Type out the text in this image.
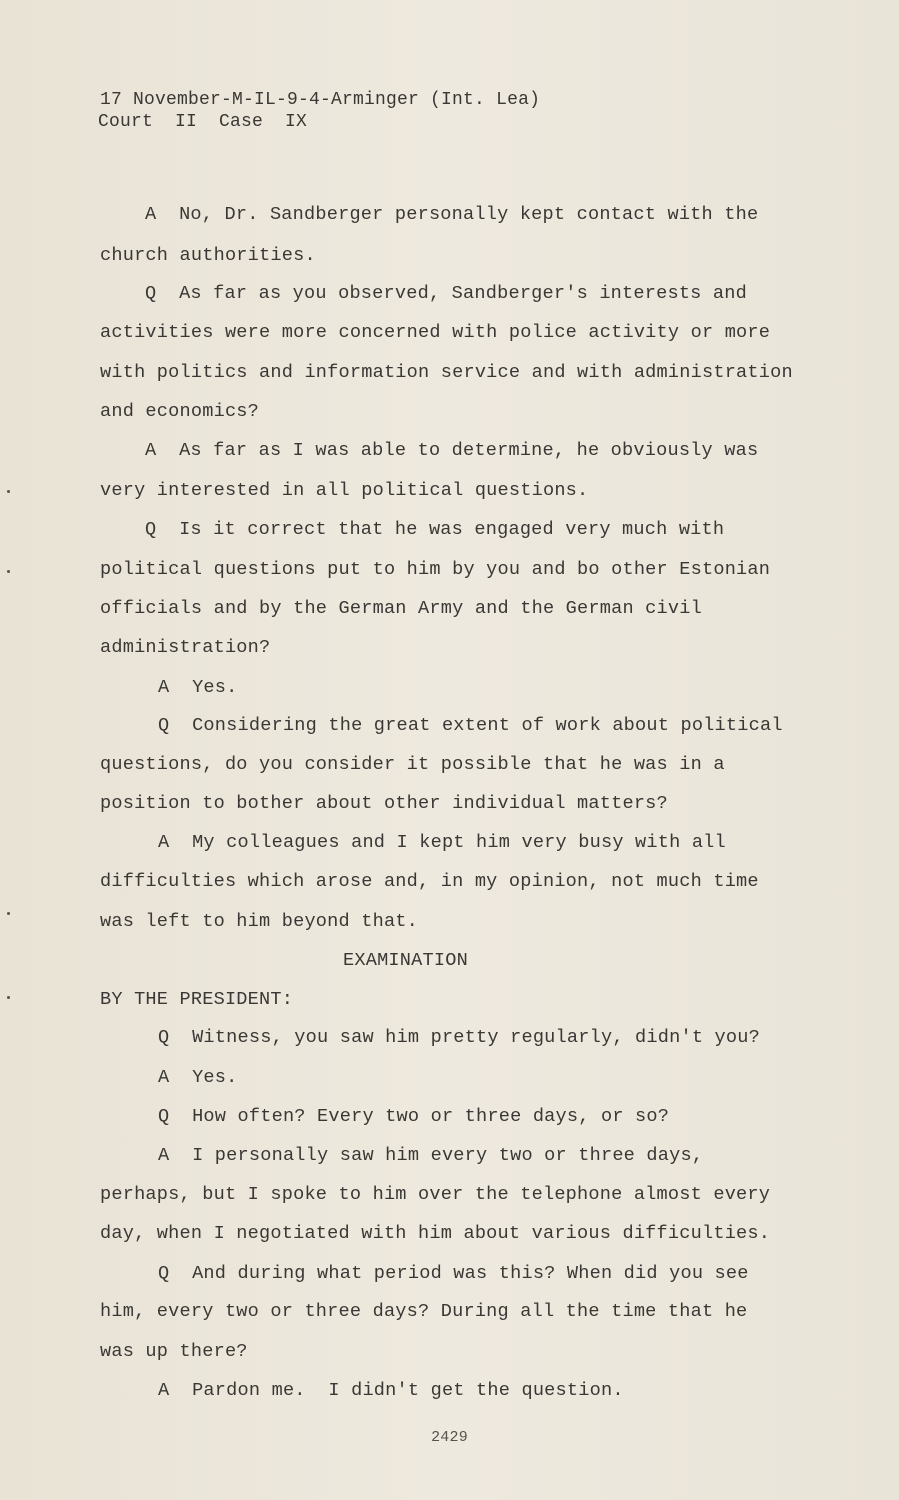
17 November-M-IL-9-4-Arminger (Int. Lea)
Court  II  Case  IX
A  No, Dr. Sandberger personally kept contact with the
church authorities.
Q  As far as you observed, Sandberger's interests and
activities were more concerned with police activity or more
with politics and information service and with administration
and economics?
A  As far as I was able to determine, he obviously was
very interested in all political questions.
Q  Is it correct that he was engaged very much with
political questions put to him by you and bo other Estonian
officials and by the German Army and the German civil
administration?
A  Yes.
Q  Considering the great extent of work about political
questions, do you consider it possible that he was in a
position to bother about other individual matters?
A  My colleagues and I kept him very busy with all
difficulties which arose and, in my opinion, not much time
was left to him beyond that.
EXAMINATION
BY THE PRESIDENT:
Q  Witness, you saw him pretty regularly, didn't you?
A  Yes.
Q  How often? Every two or three days, or so?
A  I personally saw him every two or three days,
perhaps, but I spoke to him over the telephone almost every
day, when I negotiated with him about various difficulties.
Q  And during what period was this? When did you see
him, every two or three days? During all the time that he
was up there?
A  Pardon me.  I didn't get the question.
2429
